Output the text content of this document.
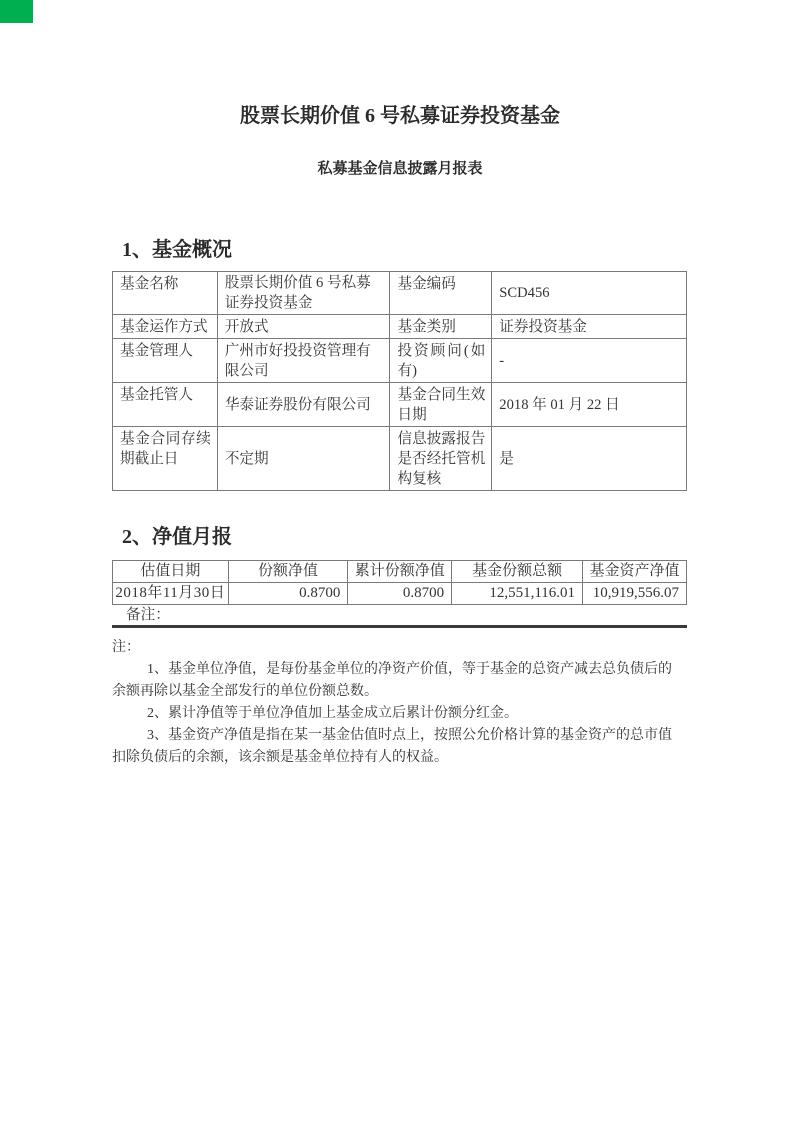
股票长期价值 6 号私募证券投资基金
私募基金信息披露月报表
1、基金概况
基金名称	股票长期价值 6 号私募证券投资基金	基金编码	SCD456
基金运作方式	开放式	基金类别	证券投资基金
基金管理人	广州市好投投资管理有限公司	投资顾问(如有)	-
基金托管人	华泰证券股份有限公司	基金合同生效日期	2018 年 01 月 22 日
基金合同存续期截止日	不定期	信息披露报告是否经托管机构复核	是
2、净值月报
估值日期	份额净值	累计份额净值	基金份额总额	基金资产净值
2018年11月30日	0.8700	0.8700	12,551,116.01	10,919,556.07
备注：

注：

1、基金单位净值，是每份基金单位的净资产价值，等于基金的总资产减去总负债后的

余额再除以基金全部发行的单位份额总数。

2、累计净值等于单位净值加上基金成立后累计份额分红金。

3、基金资产净值是指在某一基金估值时点上，按照公允价格计算的基金资产的总市值

扣除负债后的余额，该余额是基金单位持有人的权益。
